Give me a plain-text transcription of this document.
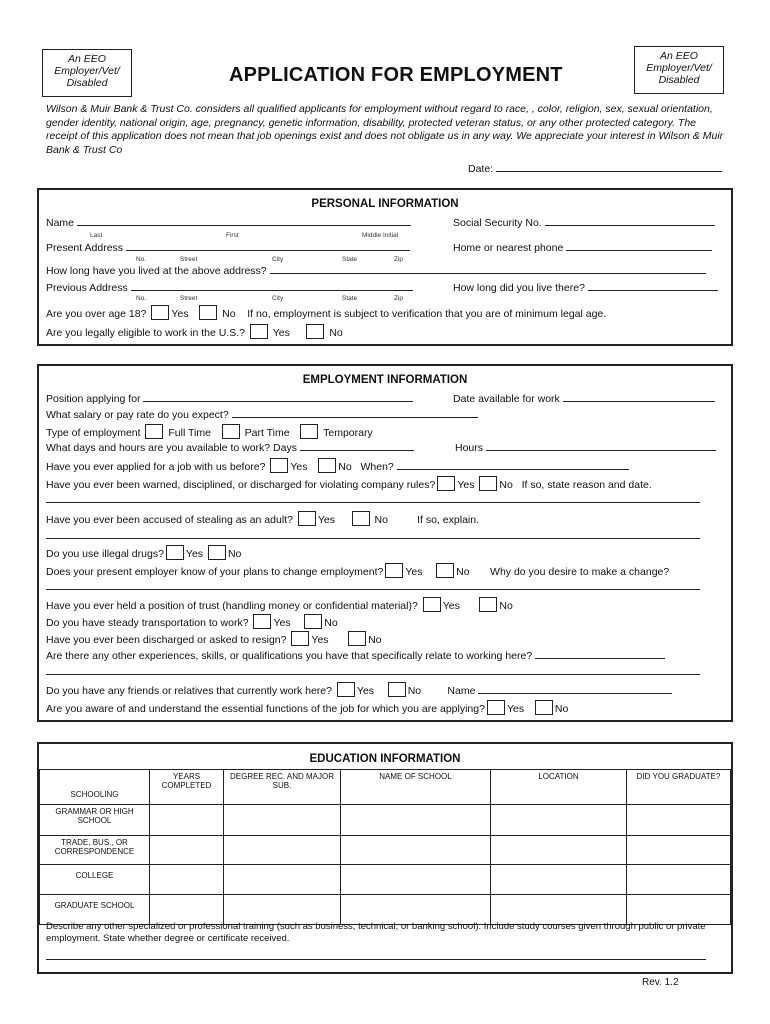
An EEO Employer/Vet/ Disabled	APPLICATION FOR EMPLOYMENT
An EEO Employer/Vet/ Disabled
Wilson & Muir Bank & Trust Co. considers all qualified applicants for employment without regard to race, , color, religion, sex, sexual orientation, gender identity, national origin, age, pregnancy, genetic information, disability, protected veteran status, or any other protected category. The receipt of this application does not mean that job openings exist and does not obligate us in any way. We appreciate your interest in Wilson & Muir Bank & Trust Co
Date:
PERSONAL INFORMATION
Name
Last	First	Middle Initial
Social Security No.
Present Address
No.	Street	City	State	Zip
Home or nearest phone
How long have you lived at the above address?
Previous Address
No.	Street	City	State	Zip
How long did you live there?
Are you over age 18? Yes	No If no, employment is subject to verification that you are of minimum legal age.
Are you legally eligible to work in the U.S.?	Yes	No
EMPLOYMENT INFORMATION
Position applying for	Date available for work
What salary or pay rate do you expect?
Type of employment	Full Time	Part Time	Temporary
What days and hours are you available to work? Days	Hours
Have you ever applied for a job with us before? Yes	No When?
Have you ever been warned, disciplined, or discharged for violating company rules? Yes No If so, state reason and date.
Have you ever been accused of stealing as an adult? Yes	No	If so, explain.
Do you use illegal drugs? Yes No
Does your present employer know of your plans to change employment? Yes	No Why do you desire to make a change?
Have you ever held a position of trust (handling money or confidential material)? Yes	No
Do you have steady transportation to work? Yes	No
Have you ever been discharged or asked to resign? Yes	No
Are there any other experiences, skills, or qualifications you have that specifically relate to working here?
Do you have any friends or relatives that currently work here? Yes	No	Name
Are you aware of and understand the essential functions of the job for which you are applying? Yes	No
EDUCATION INFORMATION
SCHOOLING	YEARS COMPLETED	DEGREE REC. AND MAJOR SUB.	NAME OF SCHOOL	LOCATION	DID YOU GRADUATE?
GRAMMAR OR HIGH SCHOOL					
TRADE, BUS., OR CORRESPONDENCE					
COLLEGE					
GRADUATE SCHOOL					
Describe any other specialized or professional training (such as business, technical, or banking school). Include study courses given through public or private employment. State whether degree or certificate received.
Rev. 1.2
